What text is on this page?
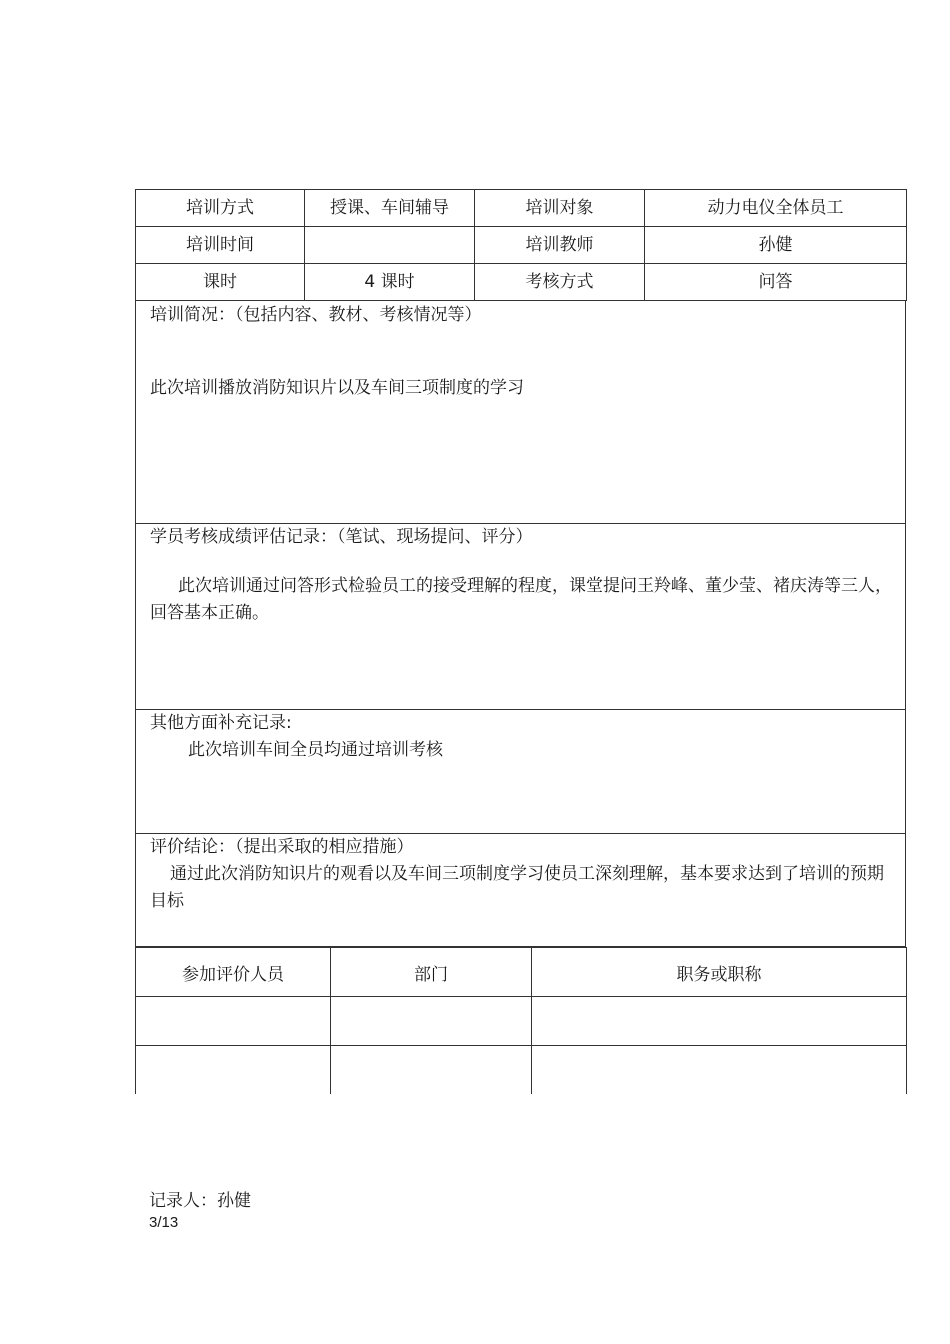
培训方式	授课、车间辅导	培训对象	动力电仪全体员工
培训时间		培训教师	孙健
课时	4 课时	考核方式	问答

培训简况：（包括内容、教材、考核情况等）

此次培训播放消防知识片以及车间三项制度的学习

学员考核成绩评估记录：（笔试、现场提问、评分）

此次培训通过问答形式检验员工的接受理解的程度，课堂提问王羚峰、董少莹、褚庆涛等三人，回答基本正确。

其他方面补充记录:

此次培训车间全员均通过培训考核

评价结论：（提出采取的相应措施）

通过此次消防知识片的观看以及车间三项制度学习使员工深刻理解，基本要求达到了培训的预期目标

参加评价人员	部门	职务或职称

记录人：孙健
3/13
